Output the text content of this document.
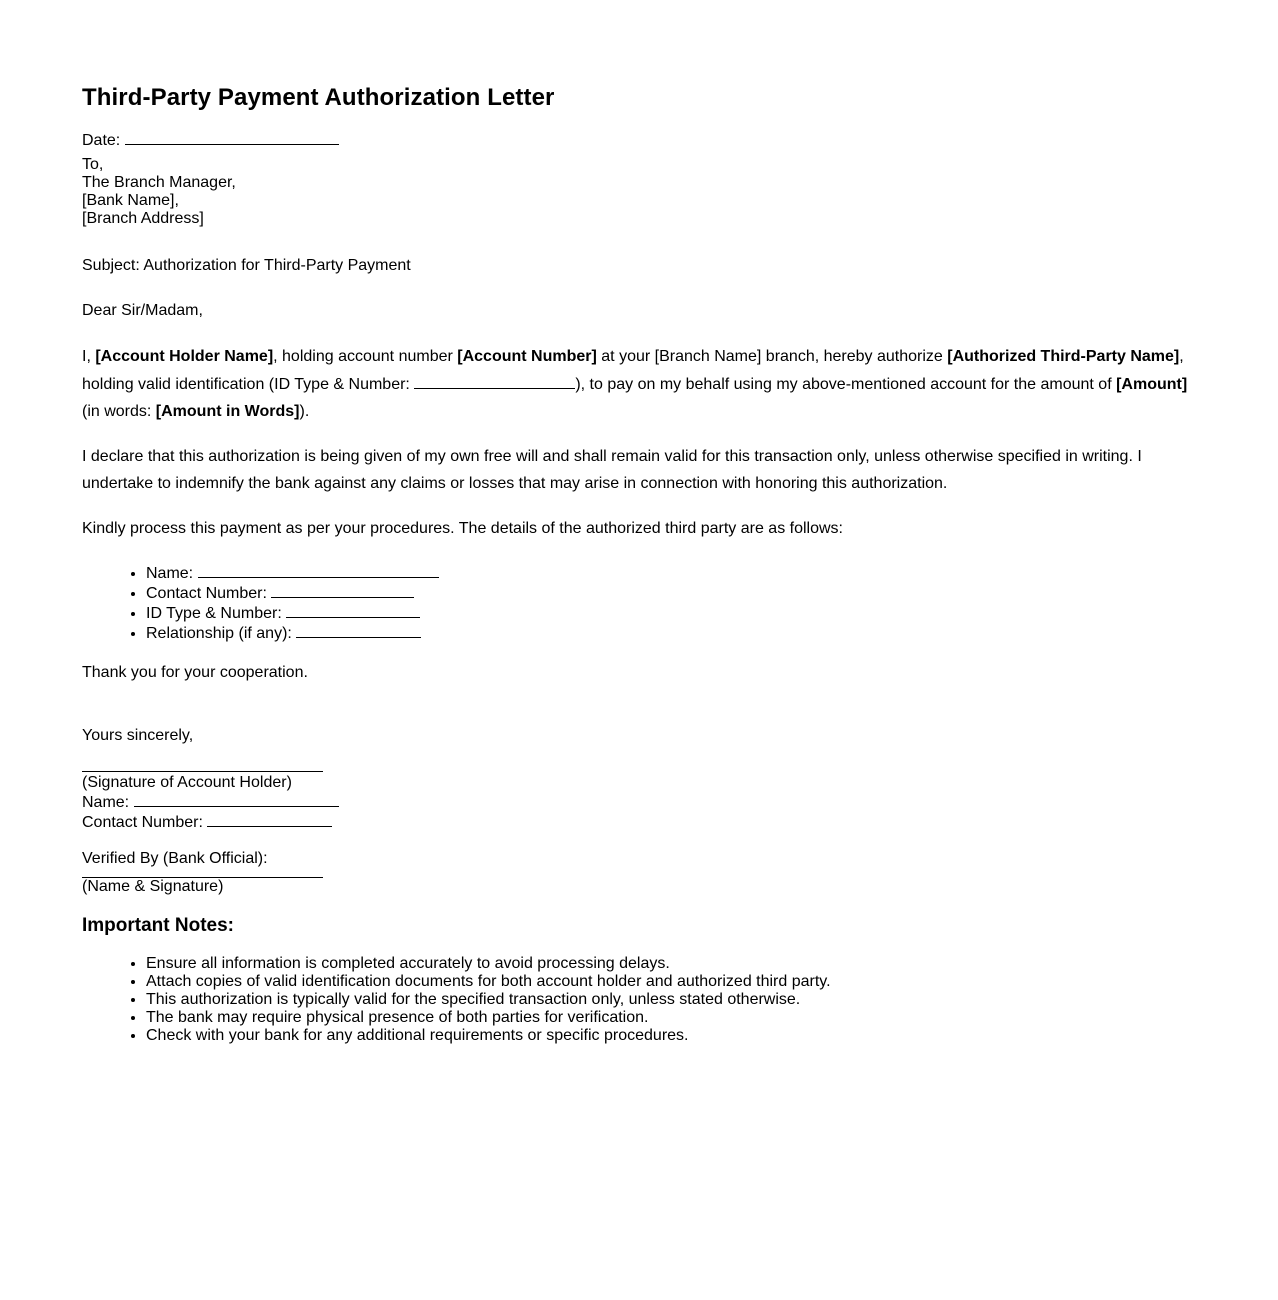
Third-Party Payment Authorization Letter
Date:
To,
The Branch Manager,
[Bank Name],
[Branch Address]
Subject: Authorization for Third-Party Payment
Dear Sir/Madam,

I, [Account Holder Name], holding account number [Account Number] at your [Branch Name] branch, hereby authorize [Authorized Third-Party Name], holding valid identification (ID Type & Number:	), to pay on my behalf using my above-mentioned account for the amount of [Amount] (in words: [Amount in Words]).

I declare that this authorization is being given of my own free will and shall remain valid for this transaction only, unless otherwise specified in writing. I undertake to indemnify the bank against any claims or losses that may arise in connection with honoring this authorization.

Kindly process this payment as per your procedures. The details of the authorized third party are as follows:

• Name:
• Contact Number:
• ID Type & Number:
• Relationship (if any):
Thank you for your cooperation.
Yours sincerely,
(Signature of Account Holder)
Name:
Contact Number:
Verified By (Bank Official):
(Name & Signature)
Important Notes:
• Ensure all information is completed accurately to avoid processing delays.
• Attach copies of valid identification documents for both account holder and authorized third party.
• This authorization is typically valid for the specified transaction only, unless stated otherwise.
• The bank may require physical presence of both parties for verification.
• Check with your bank for any additional requirements or specific procedures.
